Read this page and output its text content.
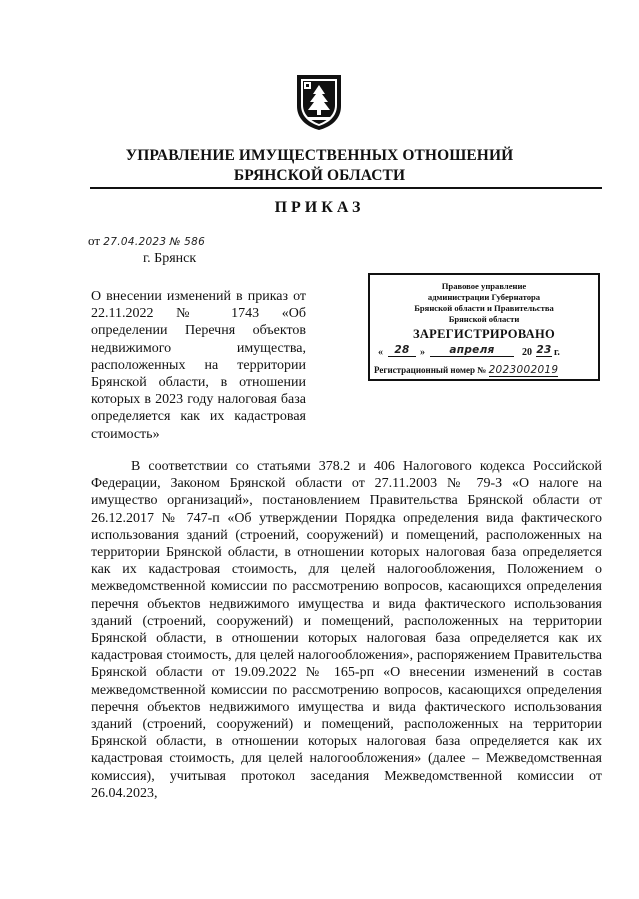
УПРАВЛЕНИЕ ИМУЩЕСТВЕННЫХ ОТНОШЕНИЙ
БРЯНСКОЙ ОБЛАСТИ
ПРИКАЗ
от 27.04.2023 № 586
г. Брянск
О внесении изменений в приказ от 22.11.2022 № 1743 «Об определении Перечня объектов недвижимого имущества, расположенных на территории Брянской области, в отношении которых в 2023 году налоговая база определяется как их кадастровая стоимость»
Правовое управление
администрации Губернатора
Брянской области и Правительства
Брянской области
ЗАРЕГИСТРИРОВАНО
«	28	»	апреля	20 23 г.
Регистрационный номер № 2023002019
В соответствии со статьями 378.2 и 406 Налогового кодекса Российской Федерации, Законом Брянской области от 27.11.2003 № 79-З «О налоге на имущество организаций», постановлением Правительства Брянской области от 26.12.2017 № 747-п «Об утверждении Порядка определения вида фактического использования зданий (строений, сооружений) и помещений, расположенных на территории Брянской области, в отношении которых налоговая база определяется как их кадастровая стоимость, для целей налогообложения, Положением о межведомственной комиссии по рассмотрению вопросов, касающихся определения перечня объектов недвижимого имущества и вида фактического использования зданий (строений, сооружений) и помещений, расположенных на территории Брянской области, в отношении которых налоговая база определяется как их кадастровая стоимость, для целей налогообложения», распоряжением Правительства Брянской области от 19.09.2022 № 165-рп «О внесении изменений в состав межведомственной комиссии по рассмотрению вопросов, касающихся определения перечня объектов недвижимого имущества и вида фактического использования зданий (строений, сооружений) и помещений, расположенных на территории Брянской области, в отношении которых налоговая база определяется как их кадастровая стоимость, для целей налогообложения» (далее – Межведомственная комиссия), учитывая протокол заседания Межведомственной комиссии от 26.04.2023,
